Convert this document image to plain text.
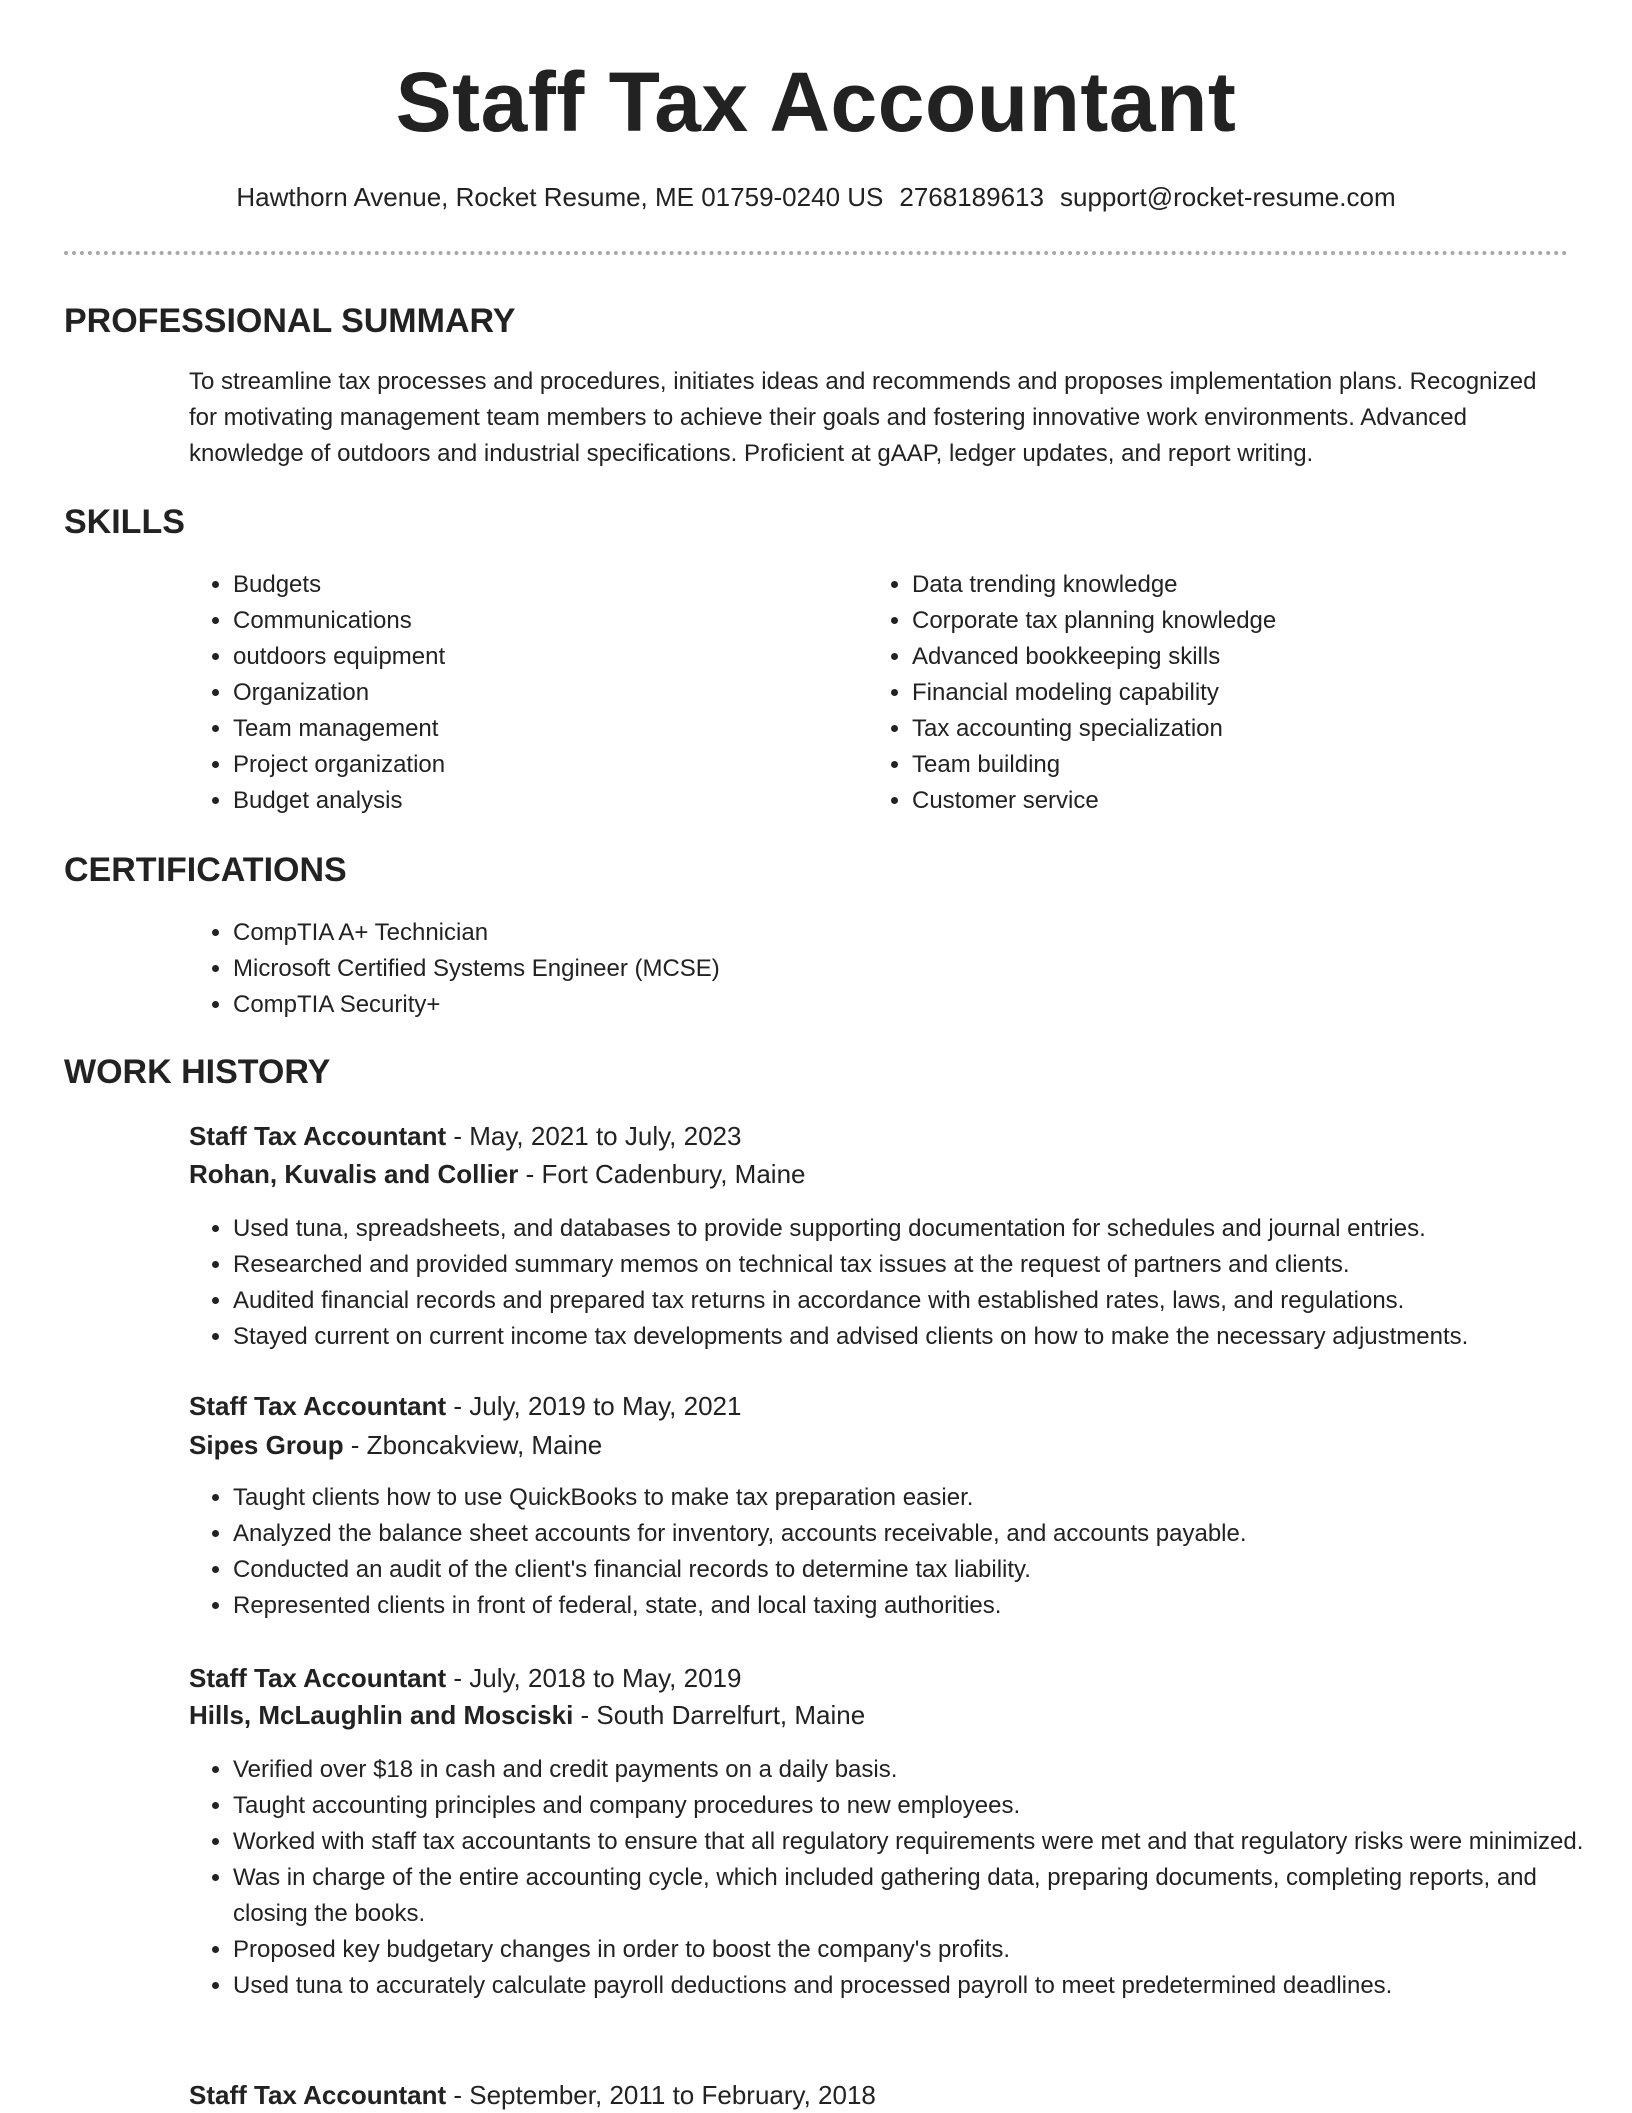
Staff Tax Accountant
Hawthorn Avenue, Rocket Resume, ME 01759-0240 US 2768189613 support@rocket-resume.com
PROFESSIONAL SUMMARY

To streamline tax processes and procedures, initiates ideas and recommends and proposes implementation plans. Recognized for motivating management team members to achieve their goals and fostering innovative work environments. Advanced knowledge of outdoors and industrial specifications. Proficient at gAAP, ledger updates, and report writing.

SKILLS
• Budgets
• Communications
• outdoors equipment
• Organization
• Team management
• Project organization
• Budget analysis
• Data trending knowledge
• Corporate tax planning knowledge
• Advanced bookkeeping skills
• Financial modeling capability
• Tax accounting specialization
• Team building
• Customer service
CERTIFICATIONS
• CompTIA A+ Technician
• Microsoft Certified Systems Engineer (MCSE)
• CompTIA Security+
WORK HISTORY
Staff Tax Accountant - May, 2021 to July, 2023
Rohan, Kuvalis and Collier - Fort Cadenbury, Maine
• Used tuna, spreadsheets, and databases to provide supporting documentation for schedules and journal entries.
• Researched and provided summary memos on technical tax issues at the request of partners and clients.
• Audited financial records and prepared tax returns in accordance with established rates, laws, and regulations.
• Stayed current on current income tax developments and advised clients on how to make the necessary adjustments.
Staff Tax Accountant - July, 2019 to May, 2021
Sipes Group - Zboncakview, Maine
• Taught clients how to use QuickBooks to make tax preparation easier.
• Analyzed the balance sheet accounts for inventory, accounts receivable, and accounts payable.
• Conducted an audit of the client's financial records to determine tax liability.
• Represented clients in front of federal, state, and local taxing authorities.
Staff Tax Accountant - July, 2018 to May, 2019
Hills, McLaughlin and Mosciski - South Darrelfurt, Maine
• Verified over $18 in cash and credit payments on a daily basis.
• Taught accounting principles and company procedures to new employees.
• Worked with staff tax accountants to ensure that all regulatory requirements were met and that regulatory risks were minimized.
• Was in charge of the entire accounting cycle, which included gathering data, preparing documents, completing reports, and closing the books.
• Proposed key budgetary changes in order to boost the company's profits.
• Used tuna to accurately calculate payroll deductions and processed payroll to meet predetermined deadlines.
Staff Tax Accountant - September, 2011 to February, 2018
